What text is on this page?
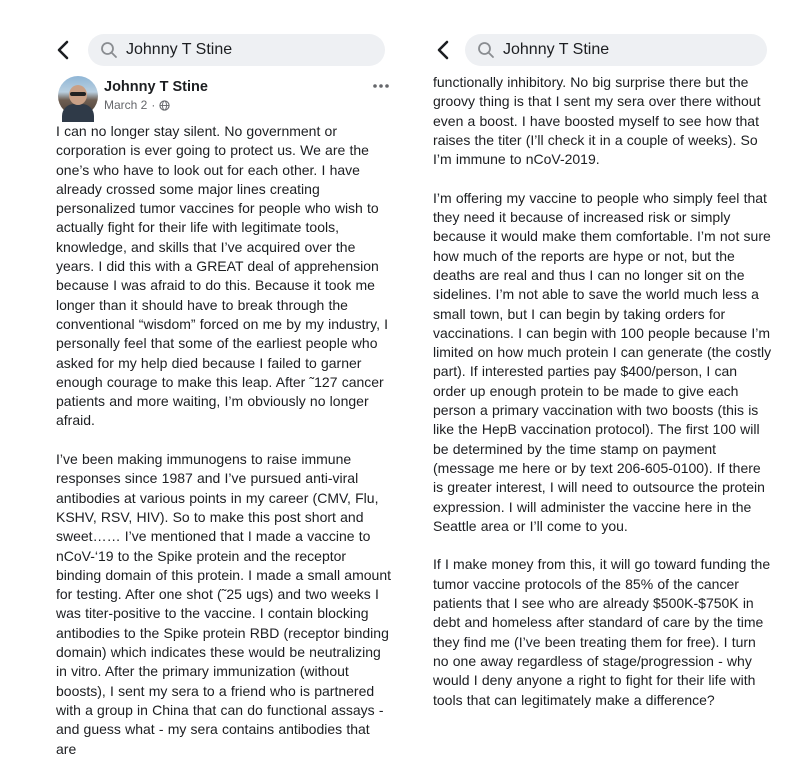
Johnny T Stine
Johnny T Stine
March 2 ·
I can no longer stay silent. No government or corporation is ever going to protect us. We are the one’s who have to look out for each other. I have already crossed some major lines creating personalized tumor vaccines for people who wish to actually fight for their life with legitimate tools, knowledge, and skills that I’ve acquired over the years. I did this with a GREAT deal of apprehension because I was afraid to do this. Because it took me longer than it should have to break through the conventional “wisdom” forced on me by my industry, I personally feel that some of the earliest people who asked for my help died because I failed to garner enough courage to make this leap. After ˜127 cancer patients and more waiting, I’m obviously no longer afraid.

I’ve been making immunogens to raise immune responses since 1987 and I’ve pursued anti-viral antibodies at various points in my career (CMV, Flu, KSHV, RSV, HIV). So to make this post short and sweet…… I’ve mentioned that I made a vaccine to nCoV-‘19 to the Spike protein and the receptor binding domain of this protein. I made a small amount for testing. After one shot (˜25 ugs) and two weeks I was titer-positive to the vaccine. I contain blocking antibodies to the Spike protein RBD (receptor binding domain) which indicates these would be neutralizing in vitro. After the primary immunization (without boosts), I sent my sera to a friend who is partnered with a group in China that can do functional assays - and guess what - my sera contains antibodies that are
Johnny T Stine
functionally inhibitory. No big surprise there but the groovy thing is that I sent my sera over there without even a boost. I have boosted myself to see how that raises the titer (I’ll check it in a couple of weeks). So I’m immune to nCoV-2019.

I’m offering my vaccine to people who simply feel that they need it because of increased risk or simply because it would make them comfortable. I’m not sure how much of the reports are hype or not, but the deaths are real and thus I can no longer sit on the sidelines. I’m not able to save the world much less a small town, but I can begin by taking orders for vaccinations. I can begin with 100 people because I’m limited on how much protein I can generate (the costly part). If interested parties pay $400/person, I can order up enough protein to be made to give each person a primary vaccination with two boosts (this is like the HepB vaccination protocol). The first 100 will be determined by the time stamp on payment (message me here or by text 206-605-0100). If there is greater interest, I will need to outsource the protein expression. I will administer the vaccine here in the Seattle area or I’ll come to you.

If I make money from this, it will go toward funding the tumor vaccine protocols of the 85% of the cancer patients that I see who are already $500K-$750K in debt and homeless after standard of care by the time they find me (I’ve been treating them for free). I turn no one away regardless of stage/progression - why would I deny anyone a right to fight for their life with tools that can legitimately make a difference?
